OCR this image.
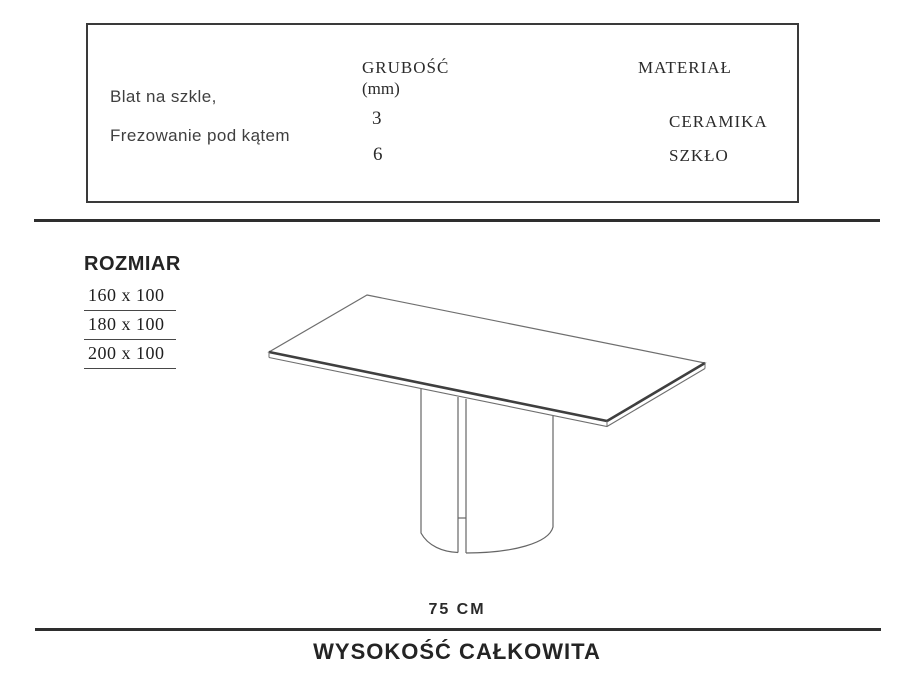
Blat na szkle,
Frezowanie pod kątem
GRUBOŚĆ
(mm)
MATERIAŁ
3
6
CERAMIKA
SZKŁO
ROZMIAR
160 x 100
180 x 100
200 x 100
75 CM
WYSOKOŚĆ CAŁKOWITA
